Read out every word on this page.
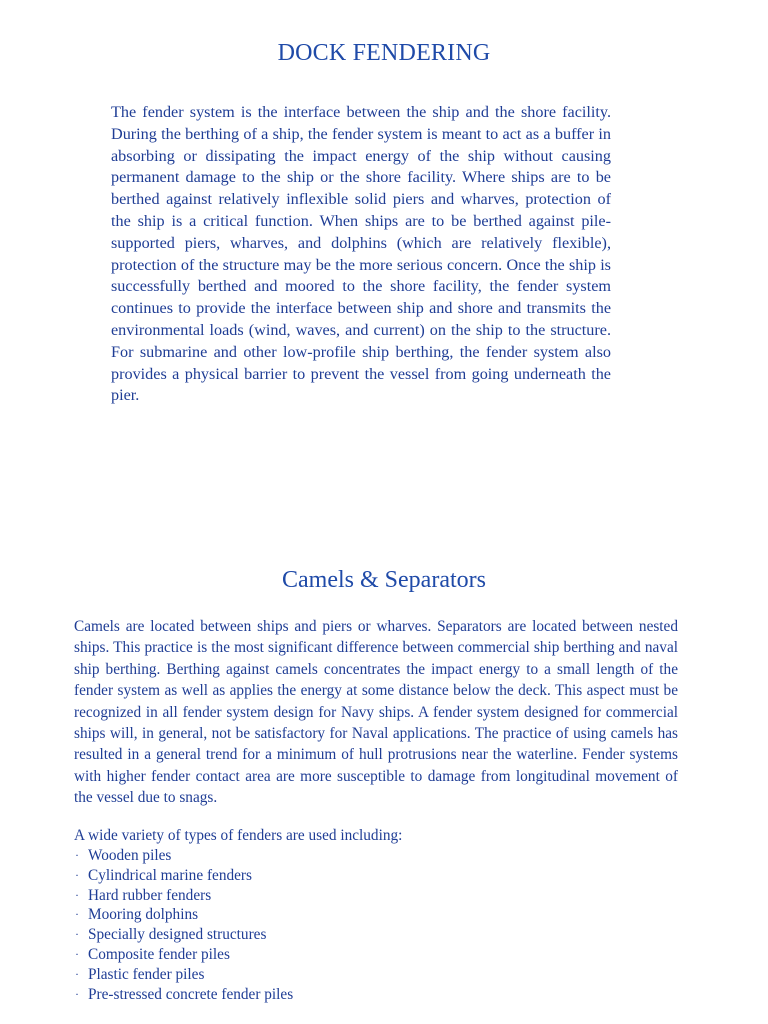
DOCK FENDERING

The fender system is the interface between the ship and the shore facility. During the berthing of a ship, the fender system is meant to act as a buffer in absorbing or dissipating the impact energy of the ship without causing permanent damage to the ship or the shore facility. Where ships are to be berthed against relatively inflexible solid piers and wharves, protection of the ship is a critical function. When ships are to be berthed against pile-supported piers, wharves, and dolphins (which are relatively flexible), protection of the structure may be the more serious concern. Once the ship is successfully berthed and moored to the shore facility, the fender system continues to provide the interface between ship and shore and transmits the environmental loads (wind, waves, and current) on the ship to the structure. For submarine and other low-profile ship berthing, the fender system also provides a physical barrier to prevent the vessel from going underneath the pier.

Camels & Separators

Camels are located between ships and piers or wharves. Separators are located between nested ships. This practice is the most significant difference between commercial ship berthing and naval ship berthing. Berthing against camels concentrates the impact energy to a small length of the fender system as well as applies the energy at some distance below the deck. This aspect must be recognized in all fender system design for Navy ships. A fender system designed for commercial ships will, in general, not be satisfactory for Naval applications. The practice of using camels has resulted in a general trend for a minimum of hull protrusions near the waterline. Fender systems with higher fender contact area are more susceptible to damage from longitudinal movement of the vessel due to snags.

A wide variety of types of fenders are used including:

· Wooden piles
· Cylindrical marine fenders
· Hard rubber fenders
· Mooring dolphins
· Specially designed structures
· Composite fender piles
· Plastic fender piles
· Pre-stressed concrete fender piles
